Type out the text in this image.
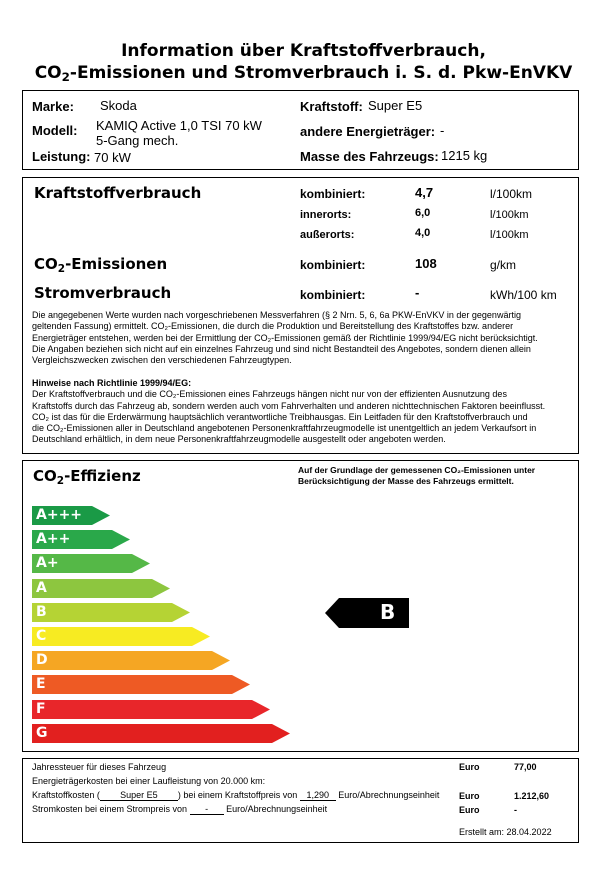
Information über Kraftstoffverbrauch,
$CO_2$-Emissionen und Stromverbrauch i. S. d. Pkw-EnVKV
Marke: Skoda
Modell: KAMIQ Active 1,0 TSI 70 kW
5-Gang mech.
Leistung: 70 kW
Kraftstoff: Super E5
andere Energieträger: -
Masse des Fahrzeugs: 1215 kg
Kraftstoffverbrauch	kombiniert:	4,7	l/100km
innerorts:	6,0	l/100km
außerorts:	4,0	l/100km
$CO_2$-Emissionen	kombiniert:	108	g/km
Stromverbrauch	kombiniert:	-	kWh/100 km
Die angegebenen Werte wurden nach vorgeschriebenen Messverfahren (§ 2 Nrn. 5, 6, 6a PKW-EnVKV in der gegenwärtig
geltenden Fassung) ermittelt. CO₂-Emissionen, die durch die Produktion und Bereitstellung des Kraftstoffes bzw. anderer
Energieträger entstehen, werden bei der Ermittlung der CO₂-Emissionen gemäß der Richtlinie 1999/94/EG nicht berücksichtigt.
Die Angaben beziehen sich nicht auf ein einzelnes Fahrzeug und sind nicht Bestandteil des Angebotes, sondern dienen allein
Vergleichszwecken zwischen den verschiedenen Fahrzeugtypen.
Hinweise nach Richtlinie 1999/94/EG:
Der Kraftstoffverbrauch und die CO₂-Emissionen eines Fahrzeugs hängen nicht nur von der effizienten Ausnutzung des
Kraftstoffs durch das Fahrzeug ab, sondern werden auch vom Fahrverhalten und anderen nichttechnischen Faktoren beeinflusst.
CO₂ ist das für die Erderwärmung hauptsächlich verantwortliche Treibhausgas. Ein Leitfaden für den Kraftstoffverbrauch und
die CO₂-Emissionen aller in Deutschland angebotenen Personenkraftfahrzeugmodelle ist unentgeltlich an jedem Verkaufsort in
Deutschland erhältlich, in dem neue Personenkraftfahrzeugmodelle ausgestellt oder angeboten werden.
$CO_2$-Effizienz	Auf der Grundlage der gemessenen CO₂-Emissionen unter
Berücksichtigung der Masse des Fahrzeugs ermittelt.
A+++
A++
A+
A
B
C
D
E
F
G
B
Jahressteuer für dieses Fahrzeug	Euro	77,00
Energieträgerkosten bei einer Laufleistung von 20.000 km:
Kraftstoffkosten ( Super E5 ) bei einem Kraftstoffpreis von 1,290 Euro/Abrechnungseinheit Euro	1.212,60
Stromkosten bei einem Strompreis von - Euro/Abrechnungseinheit	Euro	-
Erstellt am: 28.04.2022
